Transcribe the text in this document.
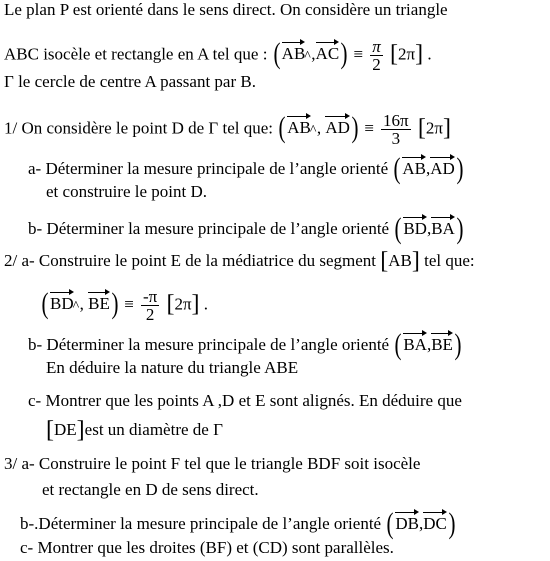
Le plan P est orienté dans le sens direct. On considère un triangle
ABC isocèle et rectangle en A tel que : (AB ^ $,AC) \equiv \frac{\pi}{2} [2\pi]$ .
Γ le cercle de centre A passant par B.
1/ On considère le point D de Γ tel que: (AB ^ , $AD) \equiv \frac{16\pi}{3} [2\pi]$
a- Déterminer la mesure principale de l’angle orienté (AB,AD)
et construire le point D.
b- Déterminer la mesure principale de l’angle orienté (BD,BA)
2/ a- Construire le point E de la médiatrice du segment [AB] tel que:
(BD ^ , $BE) \equiv \frac{-\pi}{2} [2\pi]$ .
b- Déterminer la mesure principale de l’angle orienté (BA,BE)
En déduire la nature du triangle ABE
c- Montrer que les points A ,D et E sont alignés. En déduire que
[DE]est un diamètre de Γ
3/ a- Construire le point F tel que le triangle BDF soit isocèle
et rectangle en D de sens direct.
b-.Déterminer la mesure principale de l’angle orienté (DB,DC)
c- Montrer que les droites (BF) et (CD) sont parallèles.
